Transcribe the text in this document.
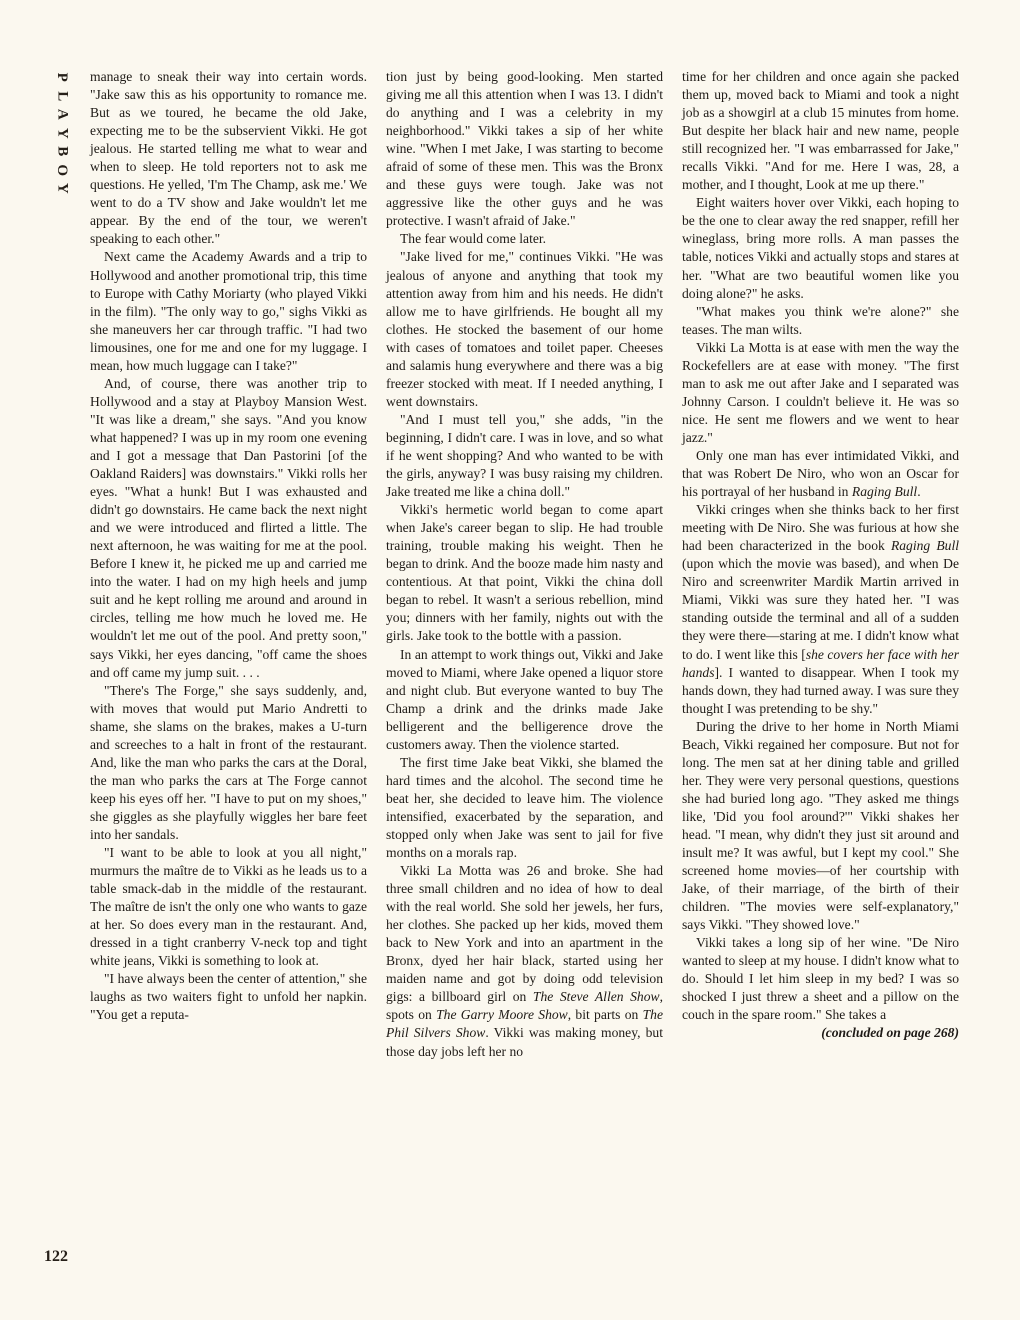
P
L
A
Y
B
O
Y
122

manage to sneak their way into certain words. "Jake saw this as his opportunity to romance me. But as we toured, he became the old Jake, expecting me to be the subservient Vikki. He got jealous. He started telling me what to wear and when to sleep. He told reporters not to ask me questions. He yelled, 'I'm The Champ, ask me.' We went to do a TV show and Jake wouldn't let me appear. By the end of the tour, we weren't speaking to each other."

Next came the Academy Awards and a trip to Hollywood and another promotional trip, this time to Europe with Cathy Moriarty (who played Vikki in the film). "The only way to go," sighs Vikki as she maneuvers her car through traffic. "I had two limousines, one for me and one for my luggage. I mean, how much luggage can I take?"

And, of course, there was another trip to Hollywood and a stay at Playboy Mansion West. "It was like a dream," she says. "And you know what happened? I was up in my room one evening and I got a message that Dan Pastorini [of the Oakland Raiders] was downstairs." Vikki rolls her eyes. "What a hunk! But I was exhausted and didn't go downstairs. He came back the next night and we were introduced and flirted a little. The next afternoon, he was waiting for me at the pool. Before I knew it, he picked me up and carried me into the water. I had on my high heels and jump suit and he kept rolling me around and around in circles, telling me how much he loved me. He wouldn't let me out of the pool. And pretty soon," says Vikki, her eyes dancing, "off came the shoes and off came my jump suit. . . .

"There's The Forge," she says suddenly, and, with moves that would put Mario Andretti to shame, she slams on the brakes, makes a U-turn and screeches to a halt in front of the restaurant. And, like the man who parks the cars at the Doral, the man who parks the cars at The Forge cannot keep his eyes off her. "I have to put on my shoes," she giggles as she playfully wiggles her bare feet into her sandals.

"I want to be able to look at you all night," murmurs the maître de to Vikki as he leads us to a table smack-dab in the middle of the restaurant. The maître de isn't the only one who wants to gaze at her. So does every man in the restaurant. And, dressed in a tight cranberry V-neck top and tight white jeans, Vikki is something to look at.

"I have always been the center of attention," she laughs as two waiters fight to unfold her napkin. "You get a reputa-

tion just by being good-looking. Men started giving me all this attention when I was 13. I didn't do anything and I was a celebrity in my neighborhood." Vikki takes a sip of her white wine. "When I met Jake, I was starting to become afraid of some of these men. This was the Bronx and these guys were tough. Jake was not aggressive like the other guys and he was protective. I wasn't afraid of Jake."

The fear would come later.

"Jake lived for me," continues Vikki. "He was jealous of anyone and anything that took my attention away from him and his needs. He didn't allow me to have girlfriends. He bought all my clothes. He stocked the basement of our home with cases of tomatoes and toilet paper. Cheeses and salamis hung everywhere and there was a big freezer stocked with meat. If I needed anything, I went downstairs.

"And I must tell you," she adds, "in the beginning, I didn't care. I was in love, and so what if he went shopping? And who wanted to be with the girls, anyway? I was busy raising my children. Jake treated me like a china doll."

Vikki's hermetic world began to come apart when Jake's career began to slip. He had trouble training, trouble making his weight. Then he began to drink. And the booze made him nasty and contentious. At that point, Vikki the china doll began to rebel. It wasn't a serious rebellion, mind you; dinners with her family, nights out with the girls. Jake took to the bottle with a passion.

In an attempt to work things out, Vikki and Jake moved to Miami, where Jake opened a liquor store and night club. But everyone wanted to buy The Champ a drink and the drinks made Jake belligerent and the belligerence drove the customers away. Then the violence started.

The first time Jake beat Vikki, she blamed the hard times and the alcohol. The second time he beat her, she decided to leave him. The violence intensified, exacerbated by the separation, and stopped only when Jake was sent to jail for five months on a morals rap.

Vikki La Motta was 26 and broke. She had three small children and no idea of how to deal with the real world. She sold her jewels, her furs, her clothes. She packed up her kids, moved them back to New York and into an apartment in the Bronx, dyed her hair black, started using her maiden name and got by doing odd television gigs: a billboard girl on The Steve Allen Show, spots on The Garry Moore Show, bit parts on The Phil Silvers Show. Vikki was making money, but those day jobs left her no

time for her children and once again she packed them up, moved back to Miami and took a night job as a showgirl at a club 15 minutes from home. But despite her black hair and new name, people still recognized her. "I was embarrassed for Jake," recalls Vikki. "And for me. Here I was, 28, a mother, and I thought, Look at me up there."

Eight waiters hover over Vikki, each hoping to be the one to clear away the red snapper, refill her wineglass, bring more rolls. A man passes the table, notices Vikki and actually stops and stares at her. "What are two beautiful women like you doing alone?" he asks.

"What makes you think we're alone?" she teases. The man wilts.

Vikki La Motta is at ease with men the way the Rockefellers are at ease with money. "The first man to ask me out after Jake and I separated was Johnny Carson. I couldn't believe it. He was so nice. He sent me flowers and we went to hear jazz."

Only one man has ever intimidated Vikki, and that was Robert De Niro, who won an Oscar for his portrayal of her husband in Raging Bull.

Vikki cringes when she thinks back to her first meeting with De Niro. She was furious at how she had been characterized in the book Raging Bull (upon which the movie was based), and when De Niro and screenwriter Mardik Martin arrived in Miami, Vikki was sure they hated her. "I was standing outside the terminal and all of a sudden they were there—staring at me. I didn't know what to do. I went like this [she covers her face with her hands]. I wanted to disappear. When I took my hands down, they had turned away. I was sure they thought I was pretending to be shy."

During the drive to her home in North Miami Beach, Vikki regained her composure. But not for long. The men sat at her dining table and grilled her. They were very personal questions, questions she had buried long ago. "They asked me things like, 'Did you fool around?'" Vikki shakes her head. "I mean, why didn't they just sit around and insult me? It was awful, but I kept my cool." She screened home movies—of her courtship with Jake, of their marriage, of the birth of their children. "The movies were self-explanatory," says Vikki. "They showed love."

Vikki takes a long sip of her wine. "De Niro wanted to sleep at my house. I didn't know what to do. Should I let him sleep in my bed? I was so shocked I just threw a sheet and a pillow on the couch in the spare room." She takes a

(concluded on page 268)
